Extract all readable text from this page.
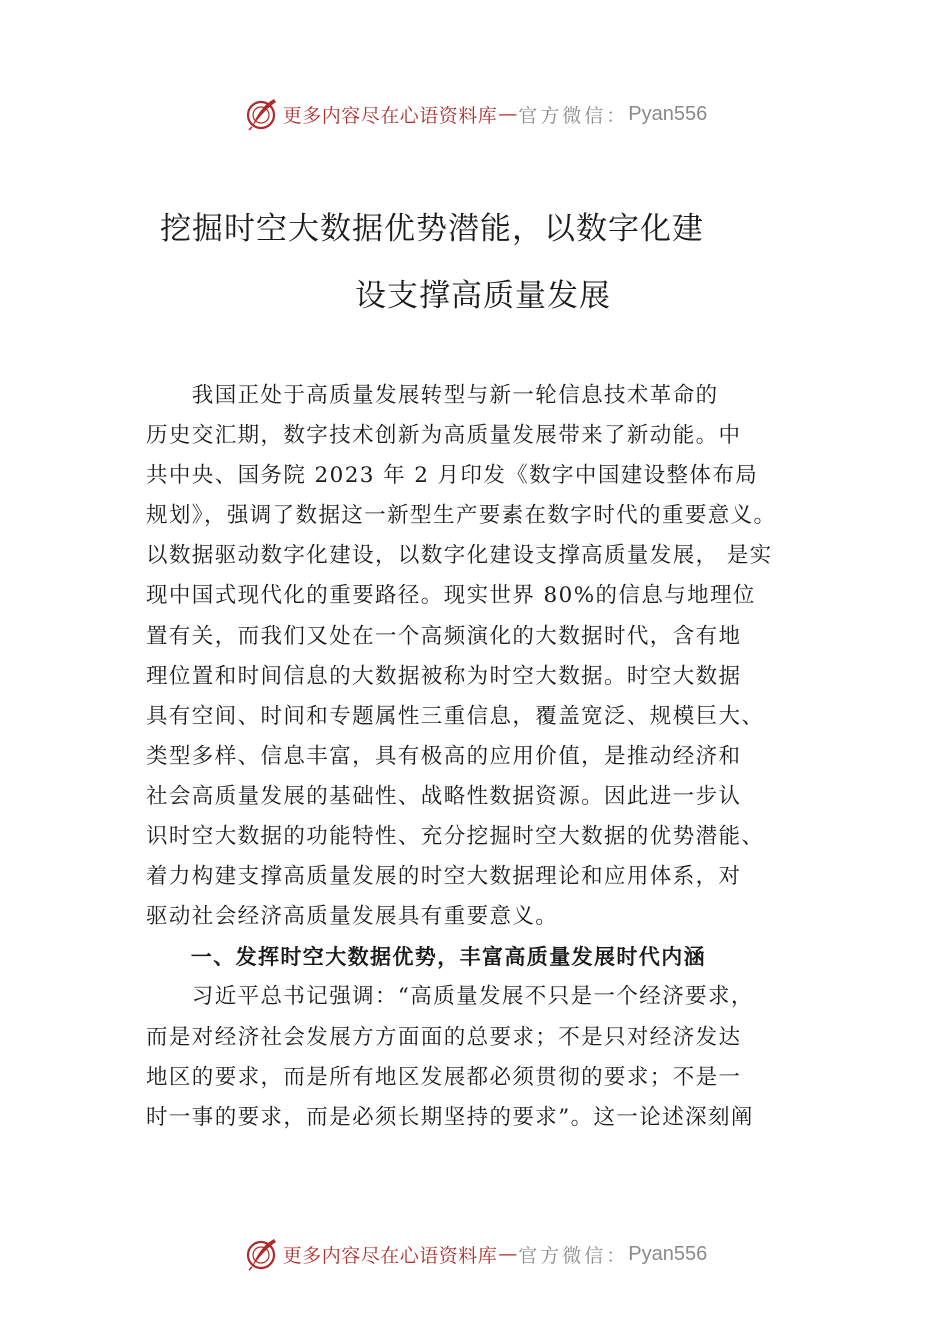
更多内容尽在心语资料库 — 官方微信： Pyan556
挖掘时空大数据优势潜能，以数字化建
设支撑高质量发展
　　我国正处于高质量发展转型与新一轮信息技术革命的
历史交汇期，数字技术创新为高质量发展带来了新动能。中
共中央、国务院 2023 年 2 月印发《数字中国建设整体布局
规划》，强调了数据这一新型生产要素在数字时代的重要意义。
以数据驱动数字化建设，以数字化建设支撑高质量发展， 是实
现中国式现代化的重要路径。现实世界 80%的信息与地理位
置有关，而我们又处在一个高频演化的大数据时代，含有地
理位置和时间信息的大数据被称为时空大数据。时空大数据
具有空间、时间和专题属性三重信息，覆盖宽泛、规模巨大、
类型多样、信息丰富，具有极高的应用价值，是推动经济和
社会高质量发展的基础性、战略性数据资源。因此进一步认
识时空大数据的功能特性、充分挖掘时空大数据的优势潜能、
着力构建支撑高质量发展的时空大数据理论和应用体系，对
驱动社会经济高质量发展具有重要意义。
　　一、发挥时空大数据优势，丰富高质量发展时代内涵
　　习近平总书记强调：“高质量发展不只是一个经济要求，
而是对经济社会发展方方面面的总要求；不是只对经济发达
地区的要求，而是所有地区发展都必须贯彻的要求；不是一
时一事的要求，而是必须长期坚持的要求”。这一论述深刻阐
更多内容尽在心语资料库 — 官方微信： Pyan556
